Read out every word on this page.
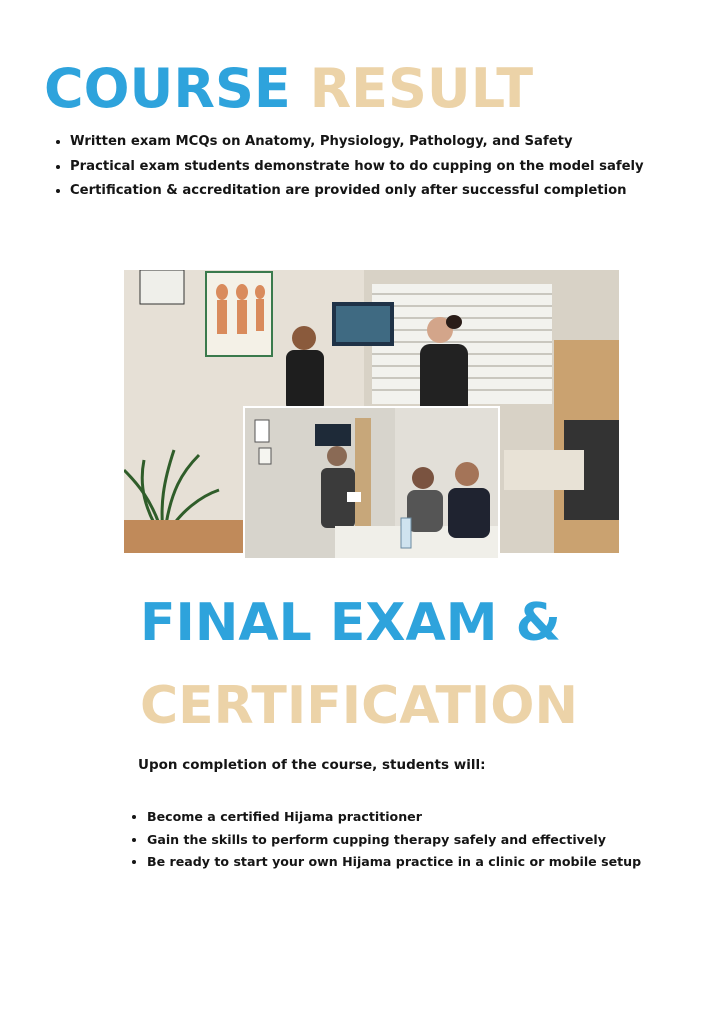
COURSE RESULT
• Written exam MCQs on Anatomy, Physiology, Pathology, and Safety
• Practical exam students demonstrate how to do cupping on the model safely
• Certification & accreditation are provided only after successful completion
FINAL EXAM &
CERTIFICATION

Upon completion of the course, students will:

• Become a certified Hijama practitioner
• Gain the skills to perform cupping therapy safely and effectively
• Be ready to start your own Hijama practice in a clinic or mobile setup
